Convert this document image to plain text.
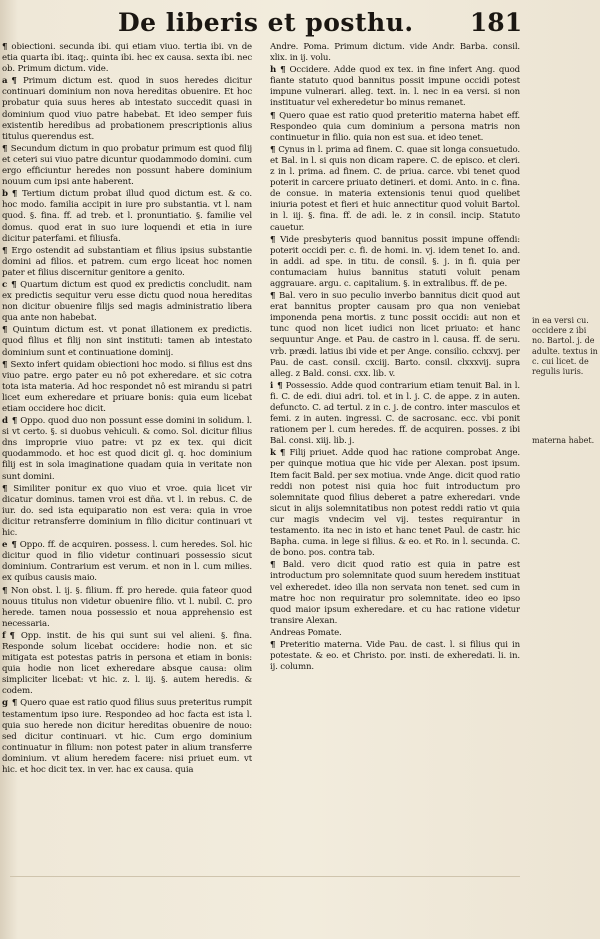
De liberis et posthu.	181

¶ obiectioni. secunda ibi. qui etiam viuo. tertia ibi. vn de etia quarta ibi. itaq;. quinta ibi. hec ex causa. sexta ibi. nec ob. Primum dictum. vide.

a ¶ Primum dictum est. quod in suos heredes dicitur continuari dominium non nova hereditas obuenire. Et hoc probatur quia suus heres ab intestato succedit quasi in dominium quod viuo patre habebat. Et ideo semper fuis existentib heredibus ad probationem prescriptionis alius titulus querendus est.

¶ Secundum dictum in quo probatur primum est quod filij et ceteri sui viuo patre dicuntur quodammodo domini. cum ergo efficiuntur heredes non possunt habere dominium nouum cum ipsi ante haberent.

b ¶ Tertium dictum probat illud quod dictum est. & co. hoc modo. familia accipit in iure pro substantia. vt l. nam quod. §. fina. ff. ad treb. et l. pronuntiatio. §. familie vel domus. quod erat in suo iure loquendi et etia in iure dicitur paterfami. et filiusfa.

¶ Ergo ostendit ad substantiam et filius ipsius substantie domini ad filios. et patrem. cum ergo liceat hoc nomen pater et filius discernitur genitore a genito.

c ¶ Quartum dictum est quod ex predictis concludit. nam ex predictis sequitur veru esse dictu quod noua hereditas non dicitur obuenire filijs sed magis administratio libera qua ante non habebat.

¶ Quintum dictum est. vt ponat illationem ex predictis. quod filius et filij non sint instituti: tamen ab intestato dominium sunt et continuatione dominij.

¶ Sexto infert quidam obiectioni hoc modo. si filius est dns viuo patre. ergo pater eu nô pot exheredare. et sic cotra tota ista materia. Ad hoc respondet nô est mirandu si patri licet eum exheredare et priuare bonis: quia eum licebat etiam occidere hoc dicit.

d ¶ Oppo. quod duo non possunt esse domini in solidum. l. si vt certo. §. si duobus vehiculi. & como. Sol. dicitur filius dns improprie viuo patre: vt pz ex tex. qui dicit quodammodo. et hoc est quod dicit gl. q. hoc dominium filij est in sola imaginatione quadam quia in veritate non sunt domini.

¶ Similiter ponitur ex quo viuo et vroe. quia licet vir dicatur dominus. tamen vroi est dña. vt l. in rebus. C. de iur. do. sed ista equiparatio non est vera: quia in vroe dicitur retransferre dominium in filio dicitur continuari vt hic.

e ¶ Oppo. ff. de acquiren. possess. l. cum heredes. Sol. hic dicitur quod in filio videtur continuari possessio sicut dominium. Contrarium est verum. et non in l. cum milies. ex quibus causis maio.

¶ Non obst. l. ij. §. filium. ff. pro herede. quia fateor quod nouus titulus non videtur obuenire filio. vt l. nubil. C. pro herede. tamen noua possessio et noua apprehensio est necessaria.

f ¶ Opp. instit. de his qui sunt sui vel alieni. §. fina. Responde solum licebat occidere: hodie non. et sic mitigata est potestas patris in persona et etiam in bonis: quia hodie non licet exheredare absque causa: olim simpliciter licebat: vt hic. z. l. iij. §. autem heredis. & codem.

g ¶ Quero quae est ratio quod filius suus preteritus rumpit testamentum ipso iure. Respondeo ad hoc facta est ista l. quia suo herede non dicitur hereditas obuenire de nouo: sed dicitur continuari. vt hic. Cum ergo dominium continuatur in filium: non potest pater in alium transferre dominium. vt alium heredem facere: nisi priuet eum. vt hic. et hoc dicit tex. in ver. hac ex causa. quia

Andre. Poma. Primum dictum. vide Andr. Barba. consil. xlix. in ij. volu.

h ¶ Occidere. Adde quod ex tex. in fine infert Ang. quod fiante statuto quod bannitus possit impune occidi potest impune vulnerari. alleg. text. in. l. nec in ea versi. si non instituatur vel exheredetur bo minus remanet.

¶ Quero quae est ratio quod preteritio materna habet eff. Respondeo quia cum dominium a persona matris non continuetur in filio. quia non est sua. et ideo tenet.

¶ Cynus in l. prima ad finem. C. quae sit longa consuetudo. et Bal. in l. si quis non dicam rapere. C. de episco. et cleri. z in l. prima. ad finem. C. de priua. carce. vbi tenet quod poterit in carcere priuato detineri. et domi. Anto. in c. fina. de consue. in materia extensionis tenui quod quelibet iniuria potest et fieri et huic annectitur quod voluit Bartol. in l. iij. §. fina. ff. de adi. le. z in consil. incip. Statuto cauetur.

¶ Vide presbyteris quod bannitus possit impune offendi: poterit occidi per. c. fi. de homi. in. vj. idem tenet Io. and. in addi. ad spe. in titu. de consil. §. j. in fi. quia per contumaciam huius bannitus statuti voluit penam aggrauare. argu. c. capitalium. §. in extralibus. ff. de pe.

¶ Bal. vero in suo peculio inverbo bannitus dicit quod aut erat bannitus propter causam pro qua non veniebat imponenda pena mortis. z tunc possit occidi: aut non et tunc quod non licet iudici non licet priuato: et hanc sequuntur Ange. et Pau. de castro in l. causa. ff. de seru. vrb. prædi. latius ibi vide et per Ange. consilio. cclxxvj. per Pau. de cast. consil. cxciij. Barto. consil. clxxxvij. supra alleg. z Bald. consi. cxx. lib. v.

i ¶ Possessio. Adde quod contrarium etiam tenuit Bal. in l. fi. C. de edi. diui adri. tol. et in l. j. C. de appe. z in auten. defuncto. C. ad tertul. z in c. j. de contro. inter masculos et femi. z in auten. ingressi. C. de sacrosanc. ecc. vbi ponit rationem per l. cum heredes. ff. de acquiren. posses. z ibi Bal. consi. xiij. lib. j.

k ¶ Filij priuet. Adde quod hac ratione comprobat Ange. per quinque motiua que hic vide per Alexan. post ipsum. Item facit Bald. per sex motiua. vnde Ange. dicit quod ratio reddi non potest nisi quia hoc fuit introductum pro solemnitate quod filius deberet a patre exheredari. vnde sicut in alijs solemnitatibus non potest reddi ratio vt quia cur magis vndecim vel vij. testes requirantur in testamento. ita nec in isto et hanc tenet Paul. de castr. hic Bapha. cuma. in lege si filius. & eo. et Ro. in l. secunda. C. de bono. pos. contra tab.

¶ Bald. vero dicit quod ratio est quia in patre est introductum pro solemnitate quod suum heredem instituat vel exheredet. ideo illa non servata non tenet. sed cum in matre hoc non requiratur pro solemnitate. ideo eo ipso quod maior ipsum exheredare. et cu hac ratione videtur transire Alexan.

Andreas Pomate.

¶ Preteritio materna. Vide Pau. de cast. l. si filius qui in potestate. & eo. et Christo. por. insti. de exheredati. li. in. ij. column.

in ea versi cu. occidere z ibi no. Bartol. j. de adulte. textus in c. cui licet. de regulis iuris.
materna habet.
